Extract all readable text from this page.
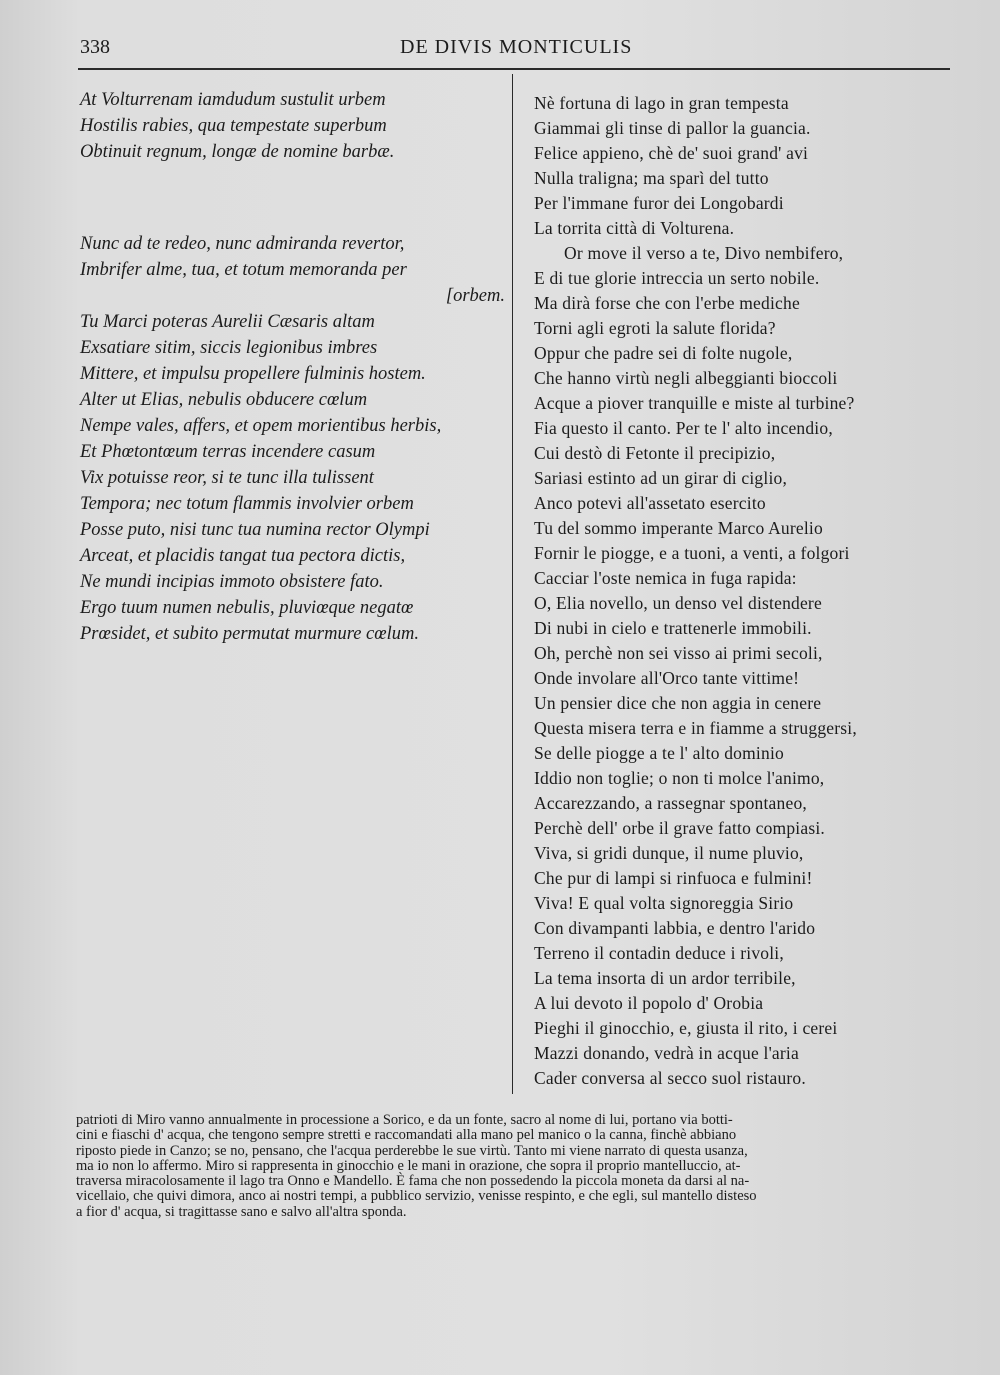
338	DE DIVIS MONTICULIS
At Volturrenam iamdudum sustulit urbem
Hostilis rabies, qua tempestate superbum
Obtinuit regnum, longæ de nomine barbæ.
Nunc ad te redeo, nunc admiranda revertor,
Imbrifer alme, tua, et totum memoranda per
[orbem.
Tu Marci poteras Aurelii Cæsaris altam
Exsatiare sitim, siccis legionibus imbres
Mittere, et impulsu propellere fulminis hostem.
Alter ut Elias, nebulis obducere cœlum
Nempe vales, affers, et opem morientibus herbis,
Et Phœtontœum terras incendere casum
Vix potuisse reor, si te tunc illa tulissent
Tempora; nec totum flammis involvier orbem
Posse puto, nisi tunc tua numina rector Olympi
Arceat, et placidis tangat tua pectora dictis,
Ne mundi incipias immoto obsistere fato.
Ergo tuum numen nebulis, pluviœque negatœ
Prœsidet, et subito permutat murmure cœlum.
Nè fortuna di lago in gran tempesta
Giammai gli tinse di pallor la guancia.
Felice appieno, chè de' suoi grand' avi
Nulla traligna; ma sparì del tutto
Per l'immane furor dei Longobardi
La torrita città di Volturena.
Or move il verso a te, Divo nembifero,
E di tue glorie intreccia un serto nobile.
Ma dirà forse che con l'erbe mediche
Torni agli egroti la salute florida?
Oppur che padre sei di folte nugole,
Che hanno virtù negli albeggianti bioccoli
Acque a piover tranquille e miste al turbine?
Fia questo il canto. Per te l' alto incendio,
Cui destò di Fetonte il precipizio,
Sariasi estinto ad un girar di ciglio,
Anco potevi all'assetato esercito
Tu del sommo imperante Marco Aurelio
Fornir le piogge, e a tuoni, a venti, a folgori
Cacciar l'oste nemica in fuga rapida:
O, Elia novello, un denso vel distendere
Di nubi in cielo e trattenerle immobili.
Oh, perchè non sei visso ai primi secoli,
Onde involare all'Orco tante vittime!
Un pensier dice che non aggia in cenere
Questa misera terra e in fiamme a struggersi,
Se delle piogge a te l' alto dominio
Iddio non toglie; o non ti molce l'animo,
Accarezzando, a rassegnar spontaneo,
Perchè dell' orbe il grave fatto compiasi.
Viva, si gridi dunque, il nume pluvio,
Che pur di lampi si rinfuoca e fulmini!
Viva! E qual volta signoreggia Sirio
Con divampanti labbia, e dentro l'arido
Terreno il contadin deduce i rivoli,
La tema insorta di un ardor terribile,
A lui devoto il popolo d' Orobia
Pieghi il ginocchio, e, giusta il rito, i cerei
Mazzi donando, vedrà in acque l'aria
Cader conversa al secco suol ristauro.
patrioti di Miro vanno annualmente in processione a Sorico, e da un fonte, sacro al nome di lui, portano via botti-
cini e fiaschi d' acqua, che tengono sempre stretti e raccomandati alla mano pel manico o la canna, finchè abbiano
riposto piede in Canzo; se no, pensano, che l'acqua perderebbe le sue virtù. Tanto mi viene narrato di questa usanza,
ma io non lo affermo. Miro si rappresenta in ginocchio e le mani in orazione, che sopra il proprio mantelluccio, at-
traversa miracolosamente il lago tra Onno e Mandello. È fama che non possedendo la piccola moneta da darsi al na-
vicellaio, che quivi dimora, anco ai nostri tempi, a pubblico servizio, venisse respinto, e che egli, sul mantello disteso
a fior d' acqua, si tragittasse sano e salvo all'altra sponda.
